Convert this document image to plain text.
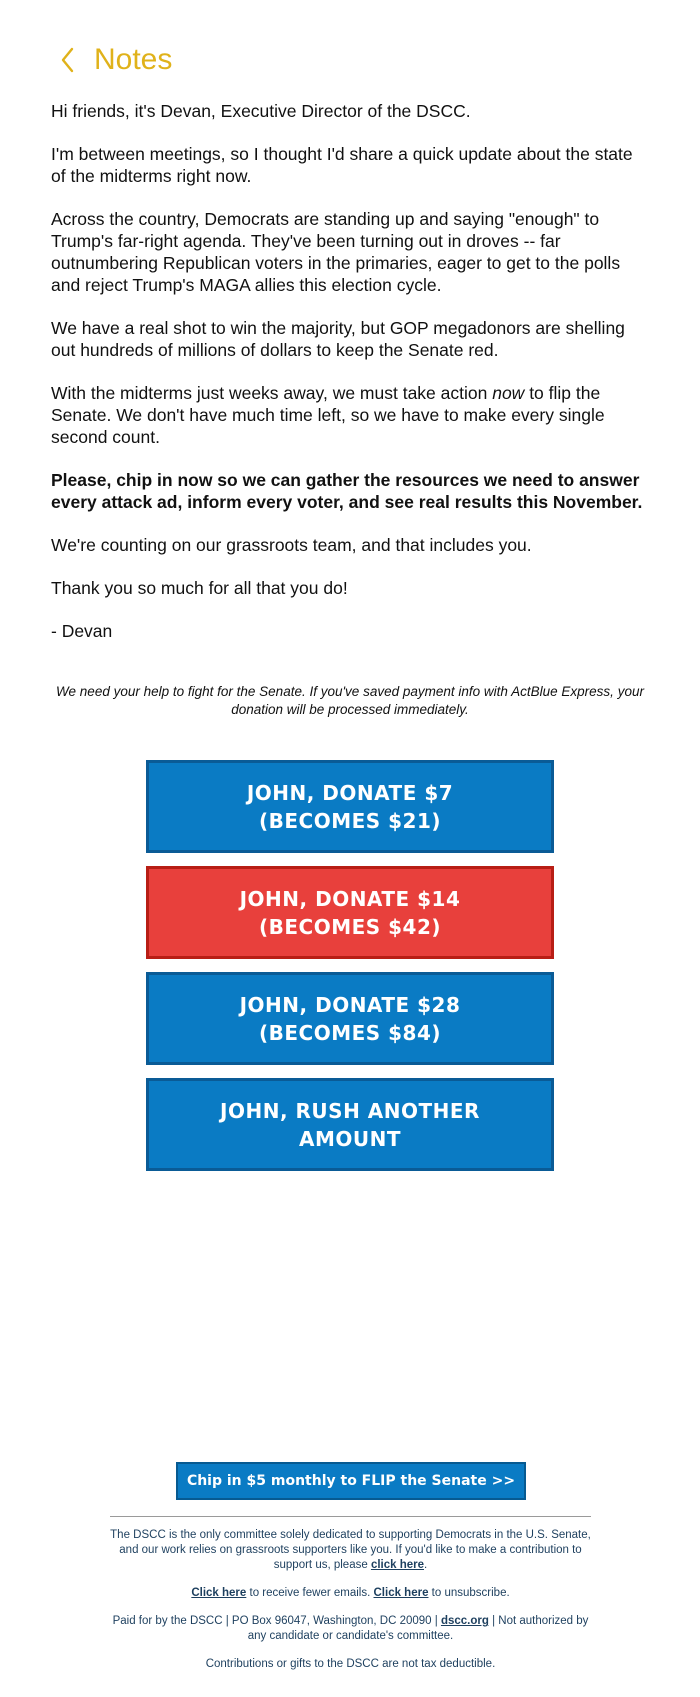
Notes

Hi friends, it's Devan, Executive Director of the DSCC.

I'm between meetings, so I thought I'd share a quick update about the state of the midterms right now.

Across the country, Democrats are standing up and saying "enough" to Trump's far-right agenda. They've been turning out in droves -- far outnumbering Republican voters in the primaries, eager to get to the polls and reject Trump's MAGA allies this election cycle.

We have a real shot to win the majority, but GOP megadonors are shelling out hundreds of millions of dollars to keep the Senate red.

With the midterms just weeks away, we must take action now to flip the Senate. We don't have much time left, so we have to make every single second count.

Please, chip in now so we can gather the resources we need to answer every attack ad, inform every voter, and see real results this November.

We're counting on our grassroots team, and that includes you.

Thank you so much for all that you do!

- Devan

We need your help to fight for the Senate. If you've saved payment info with ActBlue Express, your donation will be processed immediately.
JOHN, DONATE $7
(BECOMES $21)
JOHN, DONATE $14
(BECOMES $42)
JOHN, DONATE $28
(BECOMES $84)
JOHN, RUSH ANOTHER
AMOUNT
Chip in $5 monthly to FLIP the Senate >>

The DSCC is the only committee solely dedicated to supporting Democrats in the U.S. Senate, and our work relies on grassroots supporters like you. If you'd like to make a contribution to support us, please click here.

Click here to receive fewer emails. Click here to unsubscribe.

Paid for by the DSCC | PO Box 96047, Washington, DC 20090 | dscc.org | Not authorized by any candidate or candidate's committee.

Contributions or gifts to the DSCC are not tax deductible.
